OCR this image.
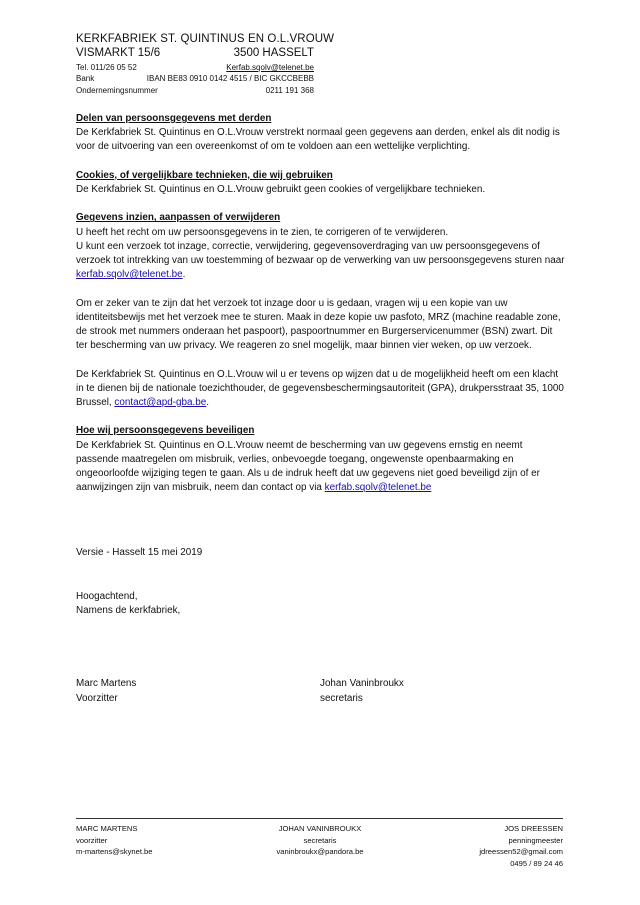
KERKFABRIEK ST. QUINTINUS EN O.L.VROUW
VISMARKT 15/6	3500 HASSELT
Tel. 011/26 05 52	Kerfab.sqolv@telenet.be
Bank	IBAN BE83 0910 0142 4515 / BIC GKCCBEBB
Ondernemingsnummer	0211 191 368
Delen van persoonsgegevens met derden

De Kerkfabriek St. Quintinus en O.L.Vrouw verstrekt normaal geen gegevens aan derden, enkel als dit nodig is voor de uitvoering van een overeenkomst of om te voldoen aan een wettelijke verplichting.

Cookies, of vergelijkbare technieken, die wij gebruiken

De Kerkfabriek St. Quintinus en O.L.Vrouw gebruikt geen cookies of vergelijkbare technieken.

Gegevens inzien, aanpassen of verwijderen

U heeft het recht om uw persoonsgegevens in te zien, te corrigeren of te verwijderen.

U kunt een verzoek tot inzage, correctie, verwijdering, gegevensoverdraging van uw persoonsgegevens of verzoek tot intrekking van uw toestemming of bezwaar op de verwerking van uw persoonsgegevens sturen naar kerfab.sqolv@telenet.be.

Om er zeker van te zijn dat het verzoek tot inzage door u is gedaan, vragen wij u een kopie van uw identiteitsbewijs met het verzoek mee te sturen. Maak in deze kopie uw pasfoto, MRZ (machine readable zone, de strook met nummers onderaan het paspoort), paspoortnummer en Burgerservicenummer (BSN) zwart. Dit ter bescherming van uw privacy. We reageren zo snel mogelijk, maar binnen vier weken, op uw verzoek.

De Kerkfabriek St. Quintinus en O.L.Vrouw wil u er tevens op wijzen dat u de mogelijkheid heeft om een klacht in te dienen bij de nationale toezichthouder, de gegevensbeschermingsautoriteit (GPA), drukpersstraat 35, 1000 Brussel, contact@apd-gba.be.

Hoe wij persoonsgegevens beveiligen

De Kerkfabriek St. Quintinus en O.L.Vrouw neemt de bescherming van uw gegevens ernstig en neemt passende maatregelen om misbruik, verlies, onbevoegde toegang, ongewenste openbaarmaking en ongeoorloofde wijziging tegen te gaan. Als u de indruk heeft dat uw gegevens niet goed beveiligd zijn of er aanwijzingen zijn van misbruik, neem dan contact op via kerfab.sqolv@telenet.be

Versie - Hasselt 15 mei 2019
Hoogachtend,
Namens de kerkfabriek,
Marc Martens
Voorzitter
Johan Vaninbroukx
secretaris
MARC MARTENS
voorzitter
m-martens@skynet.be
JOHAN VANINBROUKX
secretaris
vaninbroukx@pandora.be
JOS DREESSEN
penningmeester
jdreessen52@gmail.com
0495 / 89 24 46
